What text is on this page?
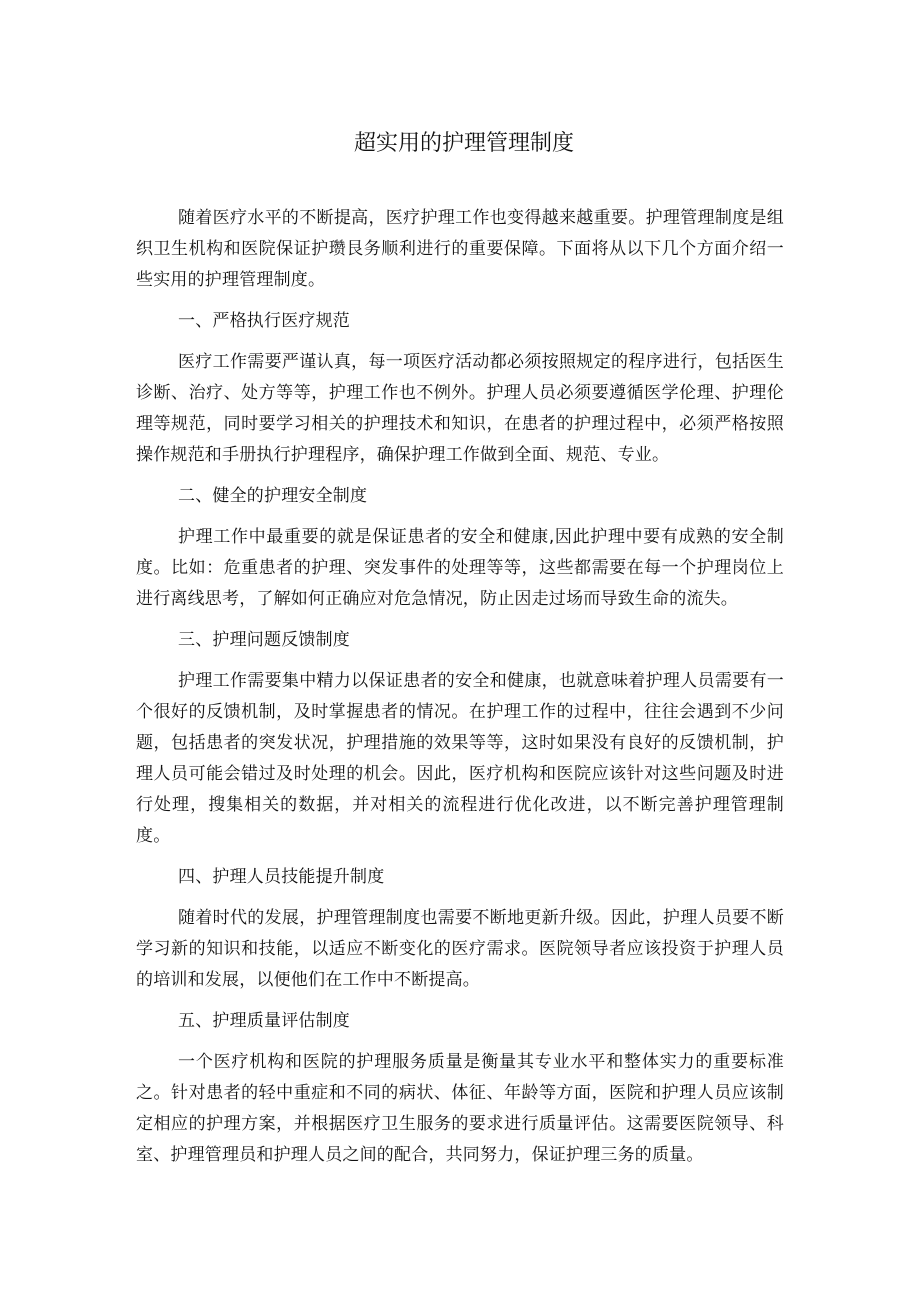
超实用的护理管理制度

随着医疗水平的不断提高，医疗护理工作也变得越来越重要。护理管理制度是组织卫生机构和医院保证护瓒艮务顺利进行的重要保障。下面将从以下几个方面介绍一些实用的护理管理制度。

一、严格执行医疗规范

医疗工作需要严谨认真，每一项医疗活动都必须按照规定的程序进行，包括医生诊断、治疗、处方等等，护理工作也不例外。护理人员必须要遵循医学伦理、护理伦理等规范，同时要学习相关的护理技术和知识，在患者的护理过程中，必须严格按照操作规范和手册执行护理程序，确保护理工作做到全面、规范、专业。

二、健全的护理安全制度

护理工作中最重要的就是保证患者的安全和健康,因此护理中要有成熟的安全制度。比如：危重患者的护理、突发事件的处理等等，这些都需要在每一个护理岗位上进行离线思考，了解如何正确应对危急情况，防止因走过场而导致生命的流失。

三、护理问题反馈制度

护理工作需要集中精力以保证患者的安全和健康，也就意味着护理人员需要有一个很好的反馈机制，及时掌握患者的情况。在护理工作的过程中，往往会遇到不少问题，包括患者的突发状况，护理措施的效果等等，这时如果没有良好的反馈机制，护理人员可能会错过及时处理的机会。因此，医疗机构和医院应该针对这些问题及时进行处理，搜集相关的数据，并对相关的流程进行优化改进，以不断完善护理管理制度。

四、护理人员技能提升制度

随着时代的发展，护理管理制度也需要不断地更新升级。因此，护理人员要不断学习新的知识和技能，以适应不断变化的医疗需求。医院领导者应该投资于护理人员的培训和发展，以便他们在工作中不断提高。

五、护理质量评估制度

一个医疗机构和医院的护理服务质量是衡量其专业水平和整体实力的重要标准之。针对患者的轻中重症和不同的病状、体征、年龄等方面，医院和护理人员应该制定相应的护理方案，并根据医疗卫生服务的要求进行质量评估。这需要医院领导、科室、护理管理员和护理人员之间的配合，共同努力，保证护理三务的质量。
